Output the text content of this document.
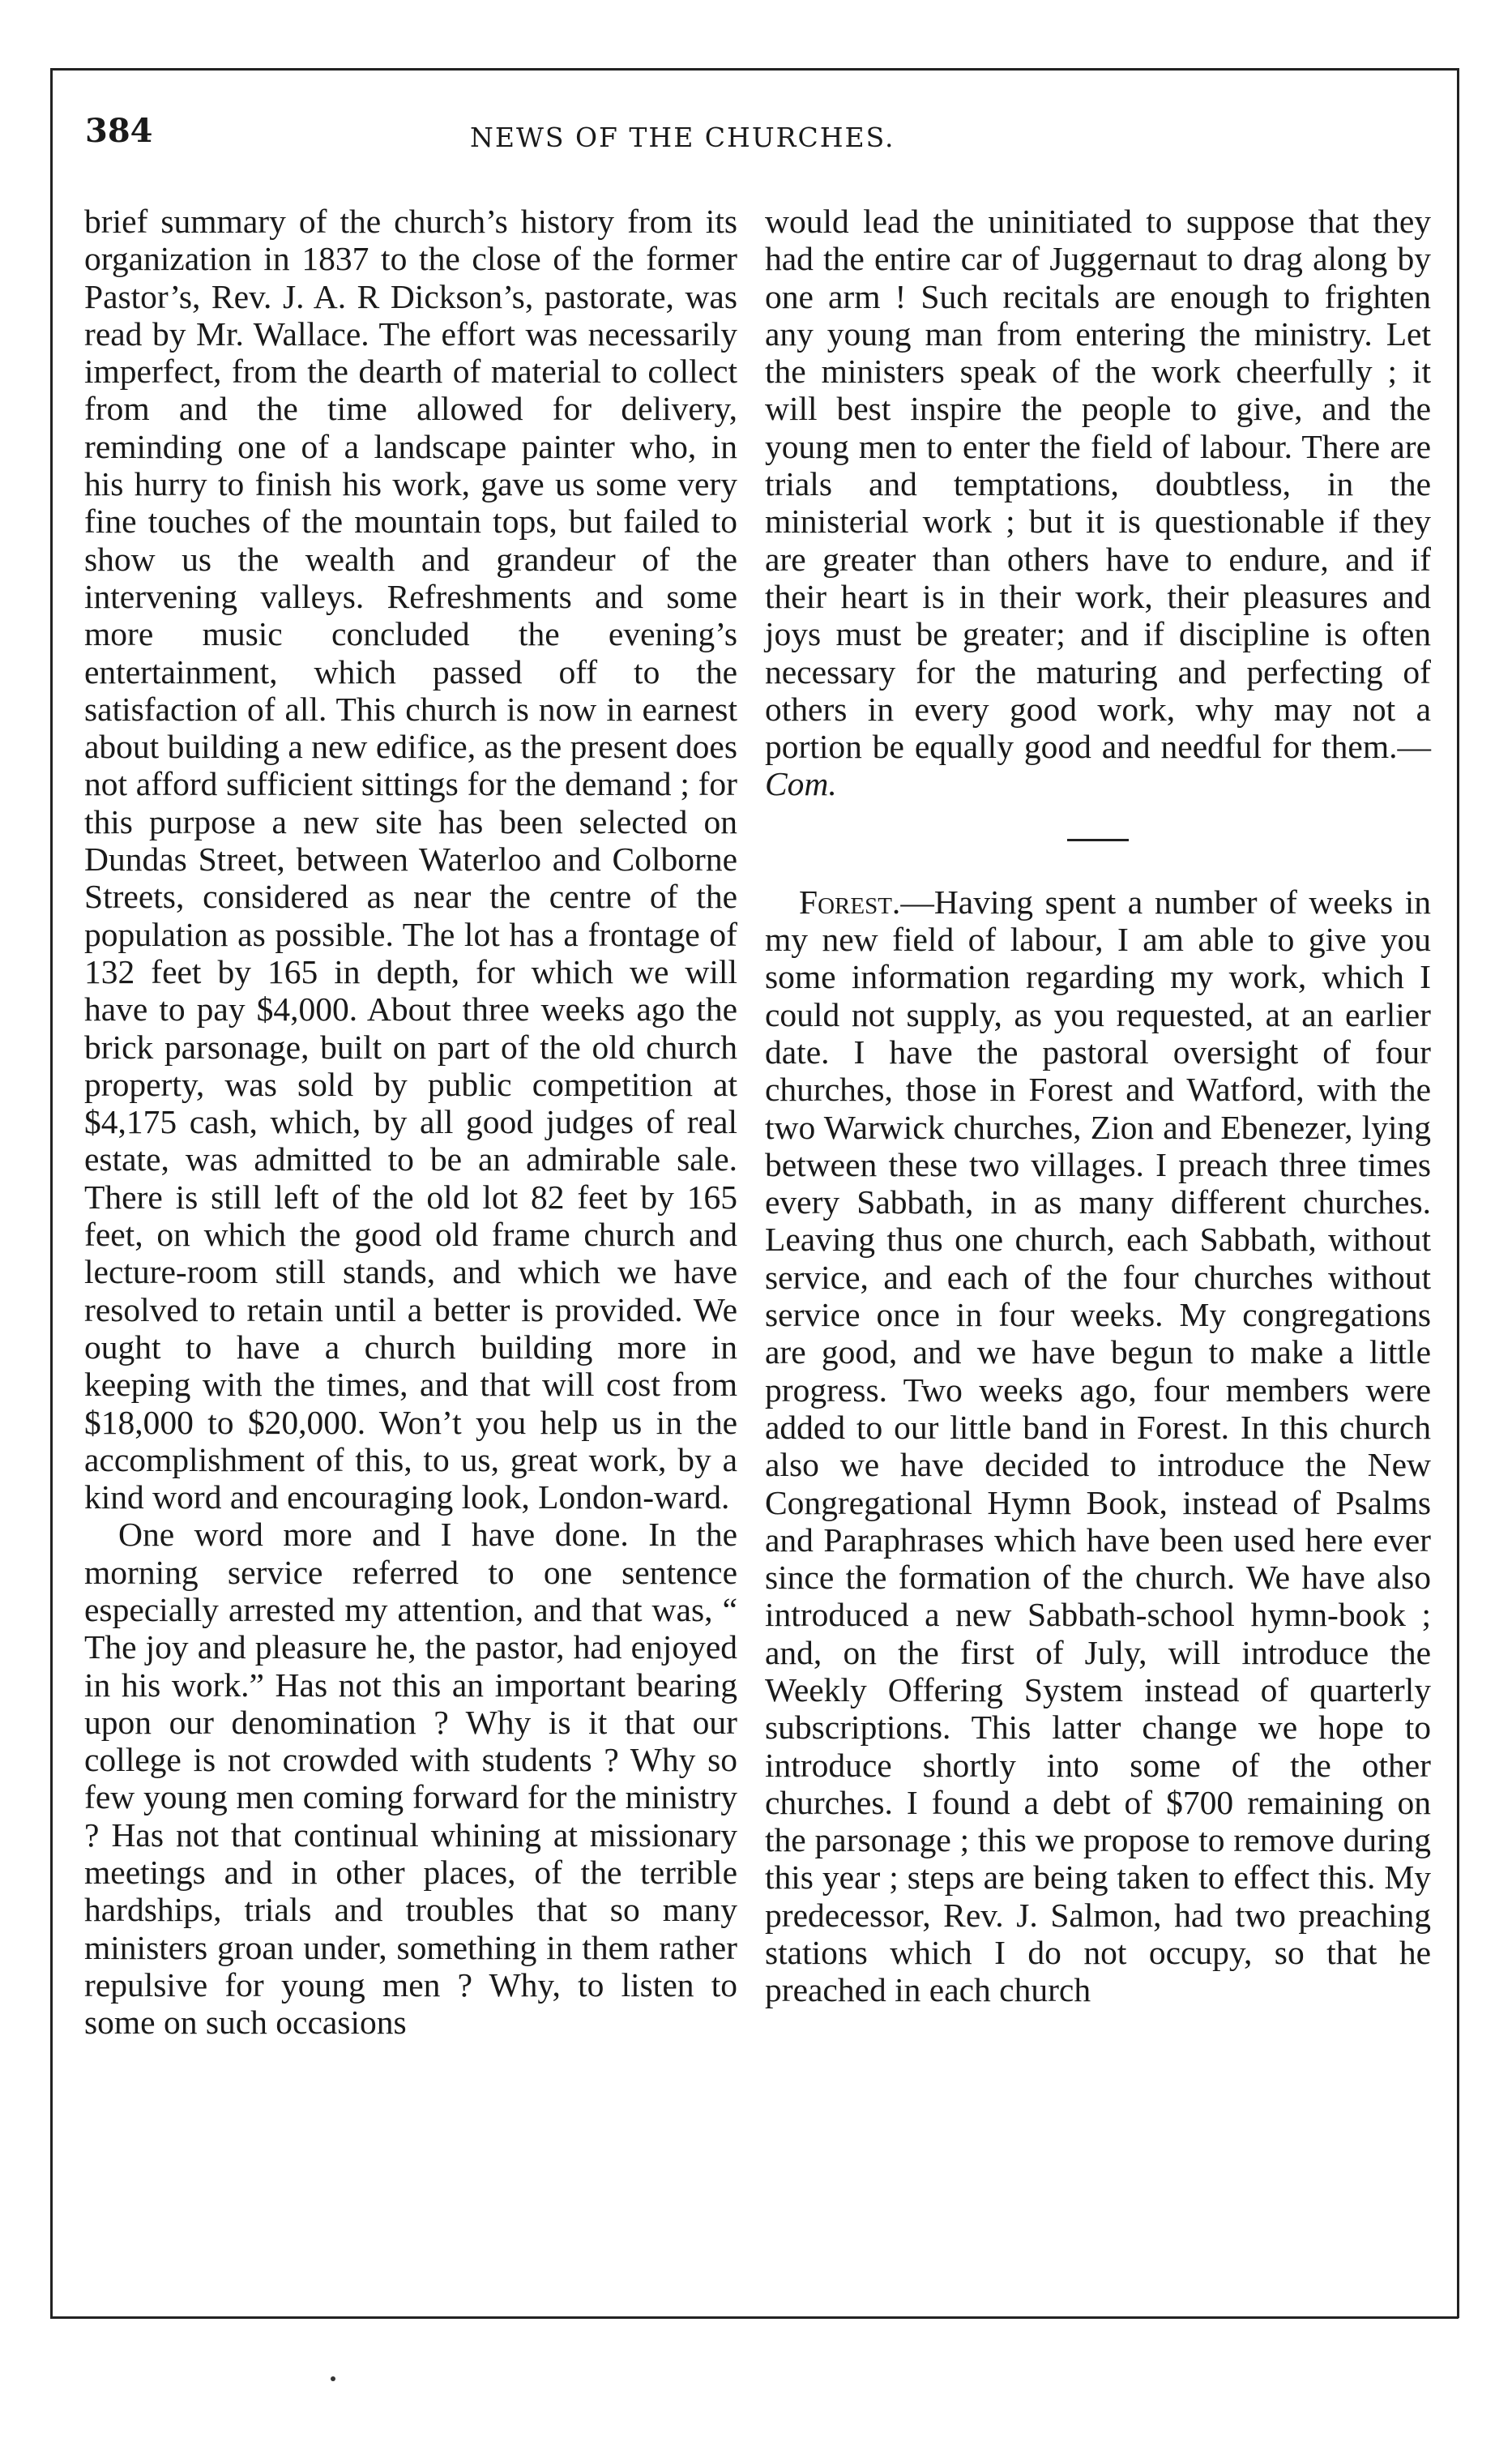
384	NEWS OF THE CHURCHES.

brief summary of the church’s history from its organization in 1837 to the close of the former Pastor’s, Rev. J. A. R Dickson’s, pastorate, was read by Mr. Wallace. The effort was necessarily imperfect, from the dearth of material to collect from and the time allowed for delivery, reminding one of a landscape painter who, in his hurry to finish his work, gave us some very fine touches of the mountain tops, but failed to show us the wealth and grandeur of the intervening valleys. Refreshments and some more music concluded the evening’s entertainment, which passed off to the satisfaction of all. This church is now in earnest about building a new edifice, as the present does not afford sufficient sittings for the demand ; for this purpose a new site has been selected on Dundas Street, between Waterloo and Colborne Streets, considered as near the centre of the population as possible. The lot has a frontage of 132 feet by 165 in depth, for which we will have to pay $4,000. About three weeks ago the brick parsonage, built on part of the old church property, was sold by public competition at $4,175 cash, which, by all good judges of real estate, was admitted to be an admirable sale. There is still left of the old lot 82 feet by 165 feet, on which the good old frame church and lecture-room still stands, and which we have resolved to retain until a better is provided. We ought to have a church building more in keeping with the times, and that will cost from $18,000 to $20,000. Won’t you help us in the accomplishment of this, to us, great work, by a kind word and encouraging look, London-ward.

One word more and I have done. In the morning service referred to one sentence especially arrested my attention, and that was, “ The joy and pleasure he, the pastor, had enjoyed in his work.” Has not this an important bearing upon our denomination ? Why is it that our college is not crowded with students ? Why so few young men coming forward for the ministry ? Has not that continual whining at missionary meetings and in other places, of the terrible hardships, trials and troubles that so many ministers groan under, something in them rather repulsive for young men ? Why, to listen to some on such occasions

would lead the uninitiated to suppose that they had the entire car of Juggernaut to drag along by one arm ! Such recitals are enough to frighten any young man from entering the ministry. Let the ministers speak of the work cheerfully ; it will best inspire the people to give, and the young men to enter the field of labour. There are trials and temptations, doubtless, in the ministerial work ; but it is questionable if they are greater than others have to endure, and if their heart is in their work, their pleasures and joys must be greater; and if discipline is often necessary for the maturing and perfecting of others in every good work, why may not a portion be equally good and needful for them.—Com.

Forest.—Having spent a number of weeks in my new field of labour, I am able to give you some information regarding my work, which I could not supply, as you requested, at an earlier date. I have the pastoral oversight of four churches, those in Forest and Watford, with the two Warwick churches, Zion and Ebenezer, lying between these two villages. I preach three times every Sabbath, in as many different churches. Leaving thus one church, each Sabbath, without service, and each of the four churches without service once in four weeks. My congregations are good, and we have begun to make a little progress. Two weeks ago, four members were added to our little band in Forest. In this church also we have decided to introduce the New Congregational Hymn Book, instead of Psalms and Paraphrases which have been used here ever since the formation of the church. We have also introduced a new Sabbath-school hymn-book ; and, on the first of July, will introduce the Weekly Offering System instead of quarterly subscriptions. This latter change we hope to introduce shortly into some of the other churches. I found a debt of $700 remaining on the parsonage ; this we propose to remove during this year ; steps are being taken to effect this. My predecessor, Rev. J. Salmon, had two preaching stations which I do not occupy, so that he preached in each church
